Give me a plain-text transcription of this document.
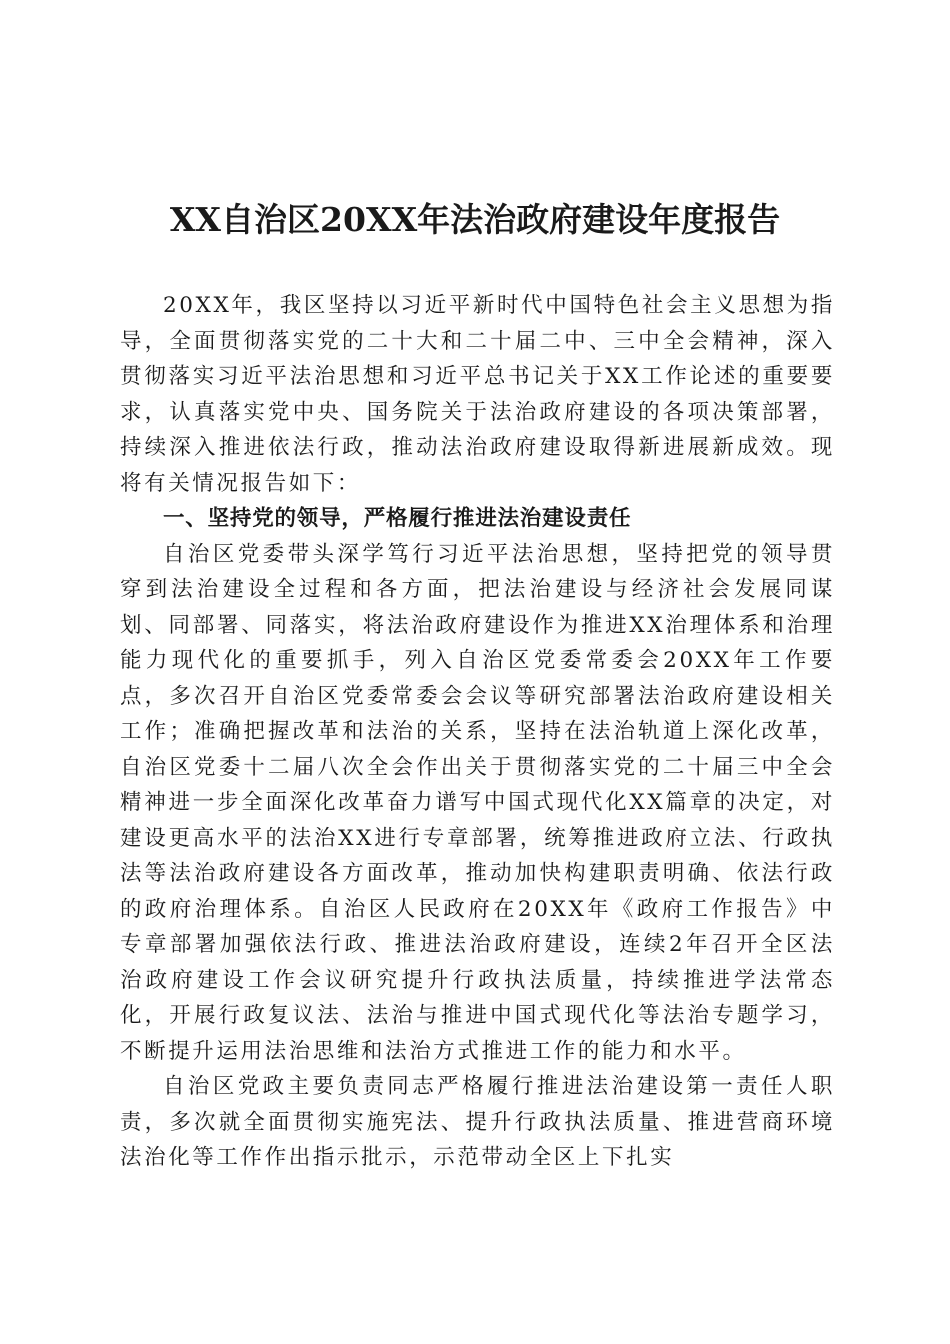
XX自治区20XX年法治政府建设年度报告

20XX年，我区坚持以习近平新时代中国特色社会主义思想为指导，全面贯彻落实党的二十大和二十届二中、三中全会精神，深入贯彻落实习近平法治思想和习近平总书记关于XX工作论述的重要要求，认真落实党中央、国务院关于法治政府建设的各项决策部署，持续深入推进依法行政，推动法治政府建设取得新进展新成效。现将有关情况报告如下：

一、坚持党的领导，严格履行推进法治建设责任

自治区党委带头深学笃行习近平法治思想，坚持把党的领导贯穿到法治建设全过程和各方面，把法治建设与经济社会发展同谋划、同部署、同落实，将法治政府建设作为推进XX治理体系和治理能力现代化的重要抓手，列入自治区党委常委会20XX年工作要点，多次召开自治区党委常委会会议等研究部署法治政府建设相关工作；准确把握改革和法治的关系，坚持在法治轨道上深化改革，自治区党委十二届八次全会作出关于贯彻落实党的二十届三中全会精神进一步全面深化改革奋力谱写中国式现代化XX篇章的决定，对建设更高水平的法治XX进行专章部署，统筹推进政府立法、行政执法等法治政府建设各方面改革，推动加快构建职责明确、依法行政的政府治理体系。自治区人民政府在20XX年《政府工作报告》中专章部署加强依法行政、推进法治政府建设，连续2年召开全区法治政府建设工作会议研究提升行政执法质量，持续推进学法常态化，开展行政复议法、法治与推进中国式现代化等法治专题学习，不断提升运用法治思维和法治方式推进工作的能力和水平。

自治区党政主要负责同志严格履行推进法治建设第一责任人职责，多次就全面贯彻实施宪法、提升行政执法质量、推进营商环境法治化等工作作出指示批示，示范带动全区上下扎实
